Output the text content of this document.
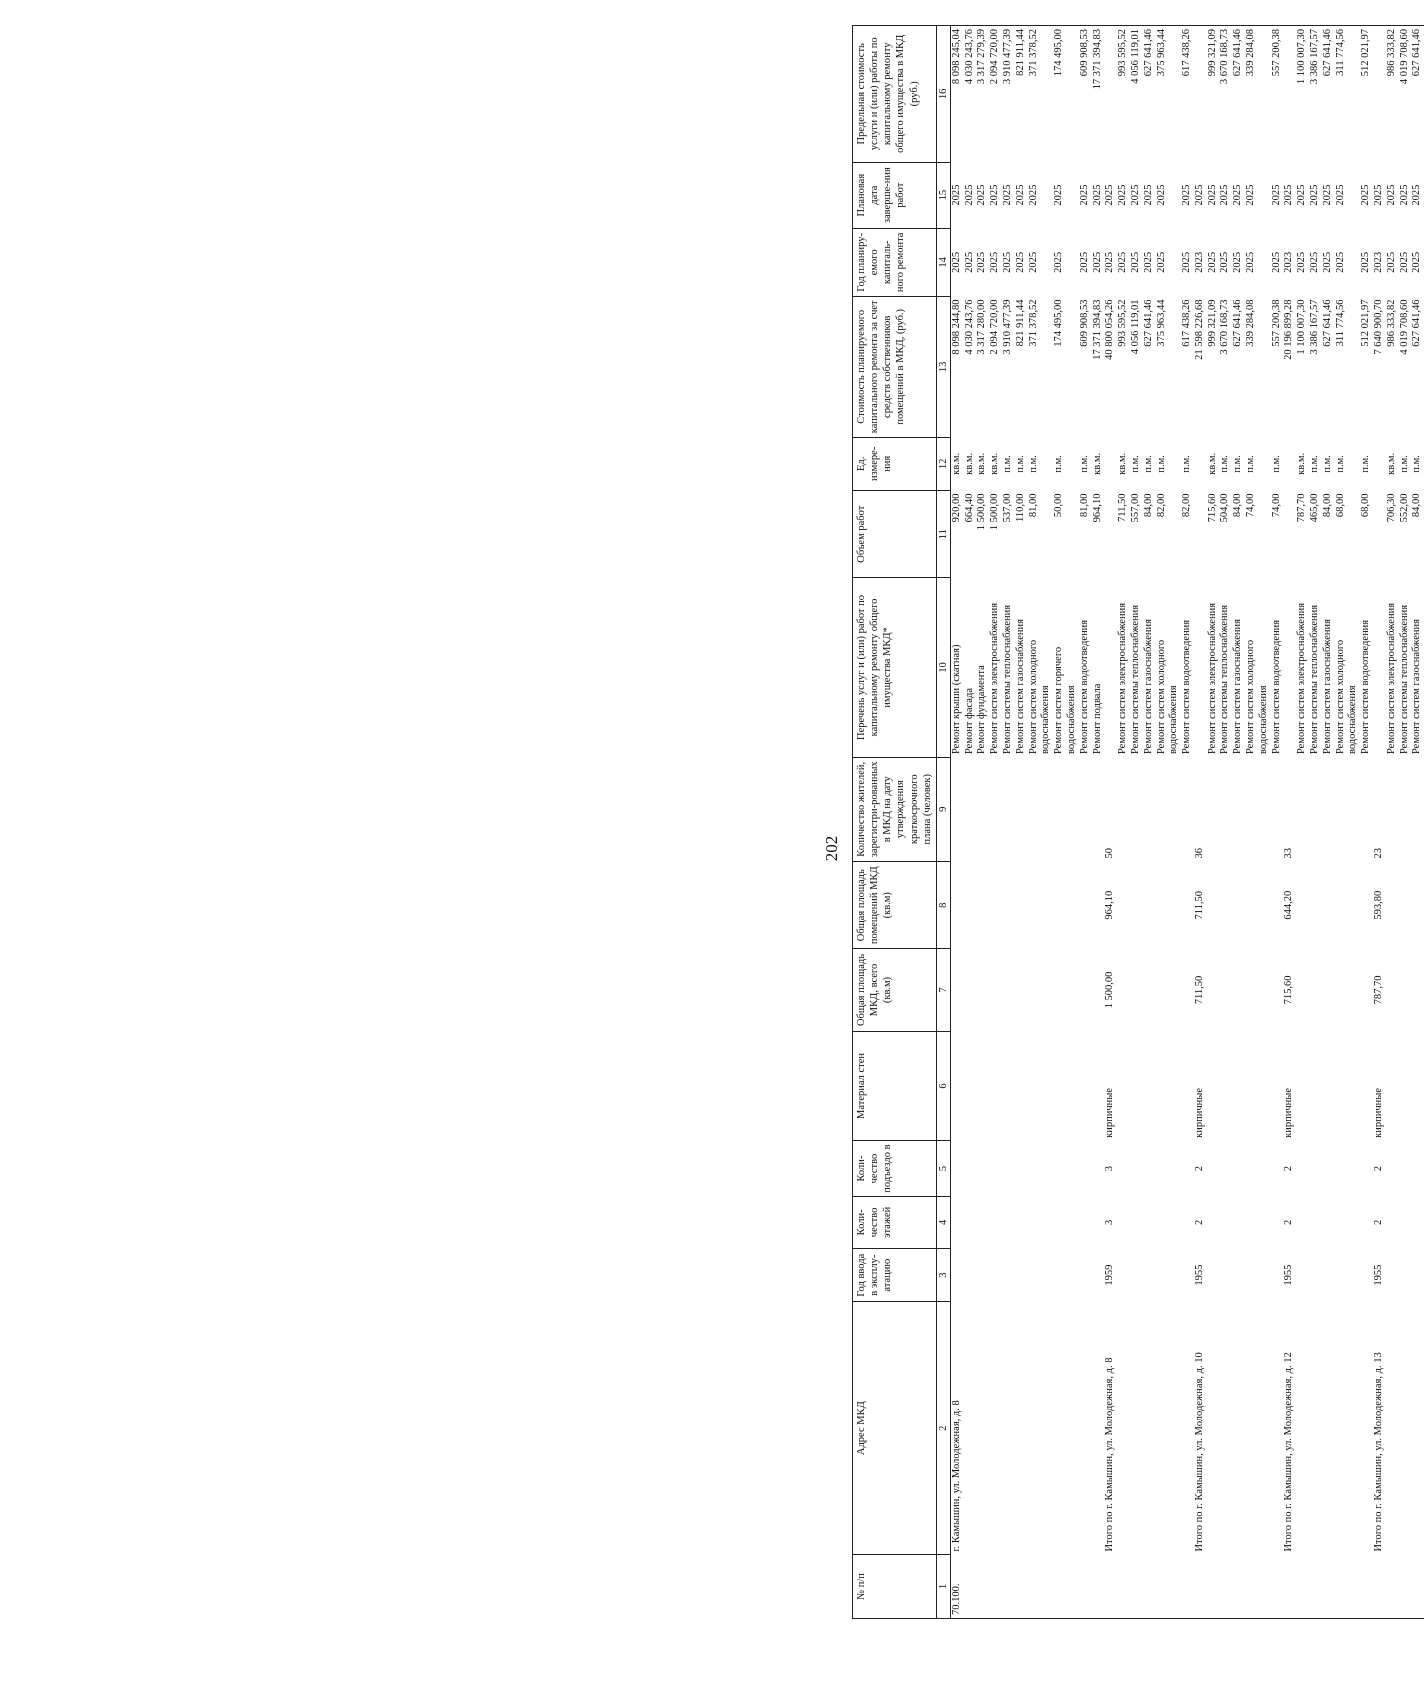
202
№ п/п	Адрес МКД	Год ввода в эксплу-атацию	Коли-чество этажей	Коли-чество подъездо в	Материал стен	Общая площадь МКД, всего (кв.м)	Общая площадь помещений МКД (кв.м)	Количество жителей, зарегистри-рованных в МКД на дату утверждения краткосрочного плана (человек)	Перечень услуг и (или) работ по капитальному ремонту общего имущества МКД*	Объем работ	Ед. измере-ния	Стоимость планируемого капитального ремонта за счет средств собственников помещений в МКД, (руб.)	Год планиру-емого капиталь-ного ремонта	Плановая дата заверше-ния работ	Предельная стоимость услуги и (или) работы по капитальному ремонту общего имущества в МКД (руб.)
1	2	3	4	5	6	7	8	9	10	11	12	13	14	15	16
70.100.	г. Камышин, ул. Молодежная, д. 8								Ремонт крыши (скатная)	920,00	кв.м.	8 098 244,80	2025	2025	8 098 245,04
									Ремонт фасада	664,40	кв.м.	4 030 243,76	2025	2025	4 030 243,76
									Ремонт фундамента	1 500,00	кв.м.	3 317 280,00	2025	2025	3 317 279,39
									Ремонт систем электроснабжения	1 500,00	кв.м.	2 094 720,00	2025	2025	2 094 720,00
									Ремонт системы теплоснабжения	537,00	п.м.	3 910 477,39	2025	2025	3 910 477,39
									Ремонт систем газоснабжения	110,00	п.м.	821 911,44	2025	2025	821 911,44
									Ремонт систем холодного водоснабжения	81,00	п.м.	371 378,52	2025	2025	371 378,52
									Ремонт систем горячего водоснабжения	50,00	п.м.	174 495,00	2025	2025	174 495,00
									Ремонт систем водоотведения	81,00	п.м.	609 908,53	2025	2025	609 908,53
									Ремонт подвала	964,10	кв.м.	17 371 394,83	2025	2025	17 371 394,83
	Итого по г. Камышин, ул. Молодежная, д. 8	1959	3	3	кирпичные	1 500,00	964,10	50				40 800 054,26	2025	2025	
									Ремонт систем электроснабжения	711,50	кв.м.	993 595,52	2025	2025	993 595,52
									Ремонт системы теплоснабжения	557,00	п.м.	4 056 119,01	2025	2025	4 056 119,01
									Ремонт систем газоснабжения	84,00	п.м.	627 641,46	2025	2025	627 641,46
									Ремонт систем холодного водоснабжения	82,00	п.м.	375 963,44	2025	2025	375 963,44
									Ремонт систем водоотведения	82,00	п.м.	617 438,26	2025	2025	617 438,26
	Итого по г. Камышин, ул. Молодежная, д. 10	1955	2	2	кирпичные	711,50	711,50	36				21 598 226,68	2023	2025	
									Ремонт систем электроснабжения	715,60	кв.м.	999 321,09	2025	2025	999 321,09
									Ремонт системы теплоснабжения	504,00	п.м.	3 670 168,73	2025	2025	3 670 168,73
									Ремонт систем газоснабжения	84,00	п.м.	627 641,46	2025	2025	627 641,46
									Ремонт систем холодного водоснабжения	74,00	п.м.	339 284,08	2025	2025	339 284,08
									Ремонт систем водоотведения	74,00	п.м.	557 200,38	2025	2025	557 200,38
	Итого по г. Камышин, ул. Молодежная, д. 12	1955	2	2	кирпичные	715,60	644,20	33				20 196 899,28	2023	2025	
									Ремонт систем электроснабжения	787,70	кв.м.	1 100 007,30	2025	2025	1 100 007,30
									Ремонт системы теплоснабжения	465,00	п.м.	3 386 167,57	2025	2025	3 386 167,57
									Ремонт систем газоснабжения	84,00	п.м.	627 641,46	2025	2025	627 641,46
									Ремонт систем холодного водоснабжения	68,00	п.м.	311 774,56	2025	2025	311 774,56
									Ремонт систем водоотведения	68,00	п.м.	512 021,97	2025	2025	512 021,97
	Итого по г. Камышин, ул. Молодежная, д. 13	1955	2	2	кирпичные	787,70	593,80	23				7 640 900,70	2023	2025	
									Ремонт систем электроснабжения	706,30	кв.м.	986 333,82	2025	2025	986 333,82
									Ремонт системы теплоснабжения	552,00	п.м.	4 019 708,60	2025	2025	4 019 708,60
									Ремонт систем газоснабжения	84,00	п.м.	627 641,46	2025	2025	627 641,46
